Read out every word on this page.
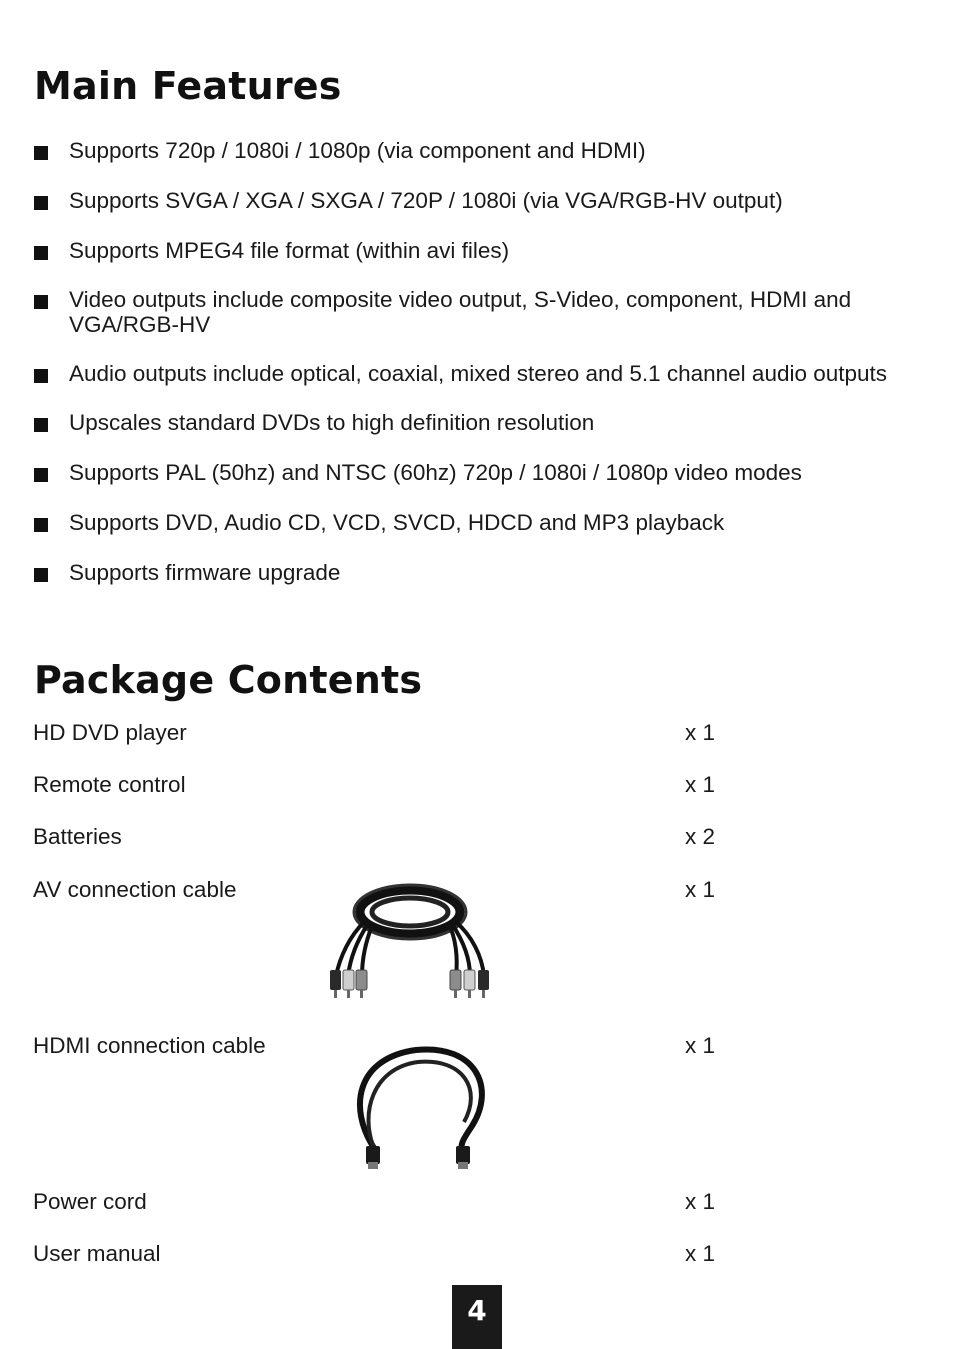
Main Features
Supports 720p / 1080i / 1080p (via component and HDMI)
Supports SVGA / XGA / SXGA / 720P / 1080i (via VGA/RGB-HV output)
Supports MPEG4 file format (within avi files)
Video outputs include composite video output, S-Video, component, HDMI and VGA/RGB-HV
Audio outputs include optical, coaxial, mixed stereo and 5.1 channel audio outputs
Upscales standard DVDs to high definition resolution
Supports PAL (50hz) and NTSC (60hz) 720p / 1080i / 1080p video modes
Supports DVD, Audio CD, VCD, SVCD, HDCD and MP3 playback
Supports firmware upgrade
Package Contents
HD DVD player	x 1
Remote control	x 1
Batteries	x 2
AV connection cable	x 1
HDMI connection cable	x 1
Power cord	x 1
User manual	x 1
4
